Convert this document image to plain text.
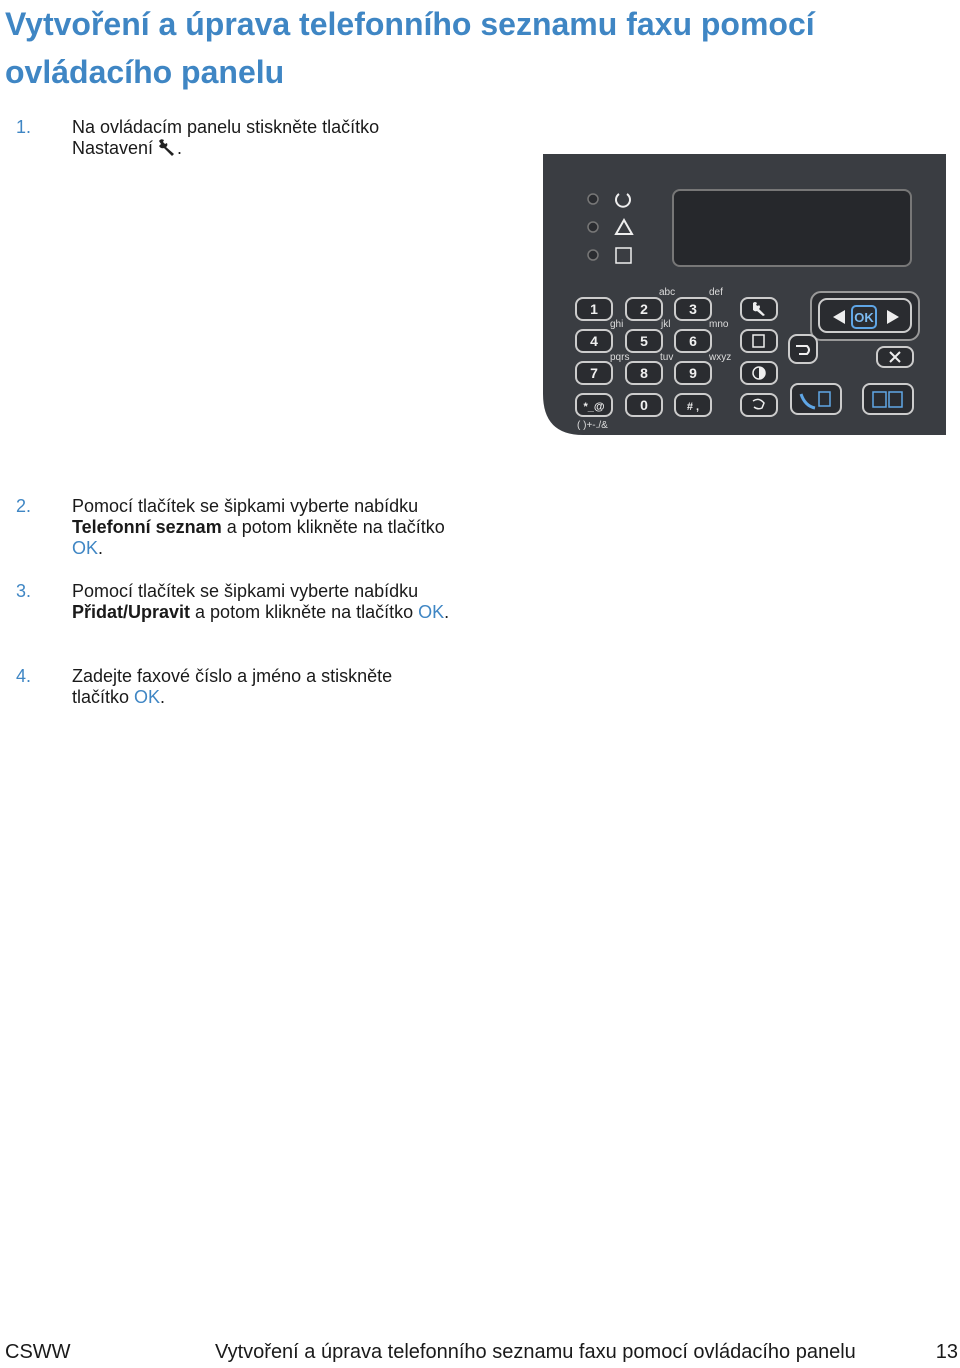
Vytvoření a úprava telefonního seznamu faxu pomocí ovládacího panelu
1. Na ovládacím panelu stiskněte tlačítko
Nastavení .
1	2	3
4	5	6
7	8	9
*_@	0	# ,
abc	def
ghi	jkl	mno
pqrs	tuv	wxyz
( )+-./&
OK
2. Pomocí tlačítek se šipkami vyberte nabídku Telefonní seznam a potom klikněte na tlačítko OK.
3. Pomocí tlačítek se šipkami vyberte nabídku Přidat/Upravit a potom klikněte na tlačítko OK.
4. Zadejte faxové číslo a jméno a stiskněte tlačítko OK.
CSWW	Vytvoření a úprava telefonního seznamu faxu pomocí ovládacího panelu	13
